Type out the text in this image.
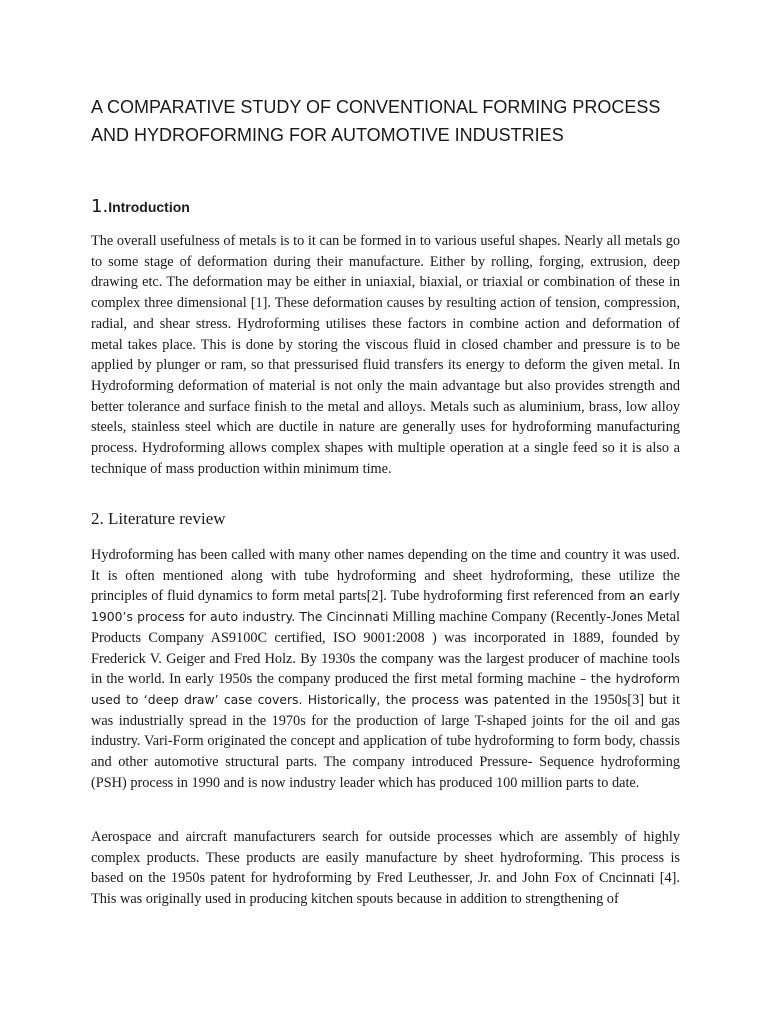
A COMPARATIVE STUDY OF CONVENTIONAL FORMING PROCESS AND HYDROFORMING FOR AUTOMOTIVE INDUSTRIES
1.Introduction

The overall usefulness of metals is to it can be formed in to various useful shapes. Nearly all metals go to some stage of deformation during their manufacture. Either by rolling, forging, extrusion, deep drawing etc. The deformation may be either in uniaxial, biaxial, or triaxial or combination of these in complex three dimensional [1]. These deformation causes by resulting action of tension, compression, radial, and shear stress. Hydroforming utilises these factors in combine action and deformation of metal takes place. This is done by storing the viscous fluid in closed chamber and pressure is to be applied by plunger or ram, so that pressurised fluid transfers its energy to deform the given metal. In Hydroforming deformation of material is not only the main advantage but also provides strength and better tolerance and surface finish to the metal and alloys. Metals such as aluminium, brass, low alloy steels, stainless steel which are ductile in nature are generally uses for hydroforming manufacturing process. Hydroforming allows complex shapes with multiple operation at a single feed so it is also a technique of mass production within minimum time.

2. Literature review

Hydroforming has been called with many other names depending on the time and country it was used. It is often mentioned along with tube hydroforming and sheet hydroforming, these utilize the principles of fluid dynamics to form metal parts[2]. Tube hydroforming first referenced from an early 1900’s process for auto industry. The Cincinnati Milling machine Company (Recently-Jones Metal Products Company AS9100C certified, ISO 9001:2008 ) was incorporated in 1889, founded by Frederick V. Geiger and Fred Holz. By 1930s the company was the largest producer of machine tools in the world. In early 1950s the company produced the first metal forming machine – the hydroform used to ‘deep draw’ case covers. Historically, the process was patented in the 1950s[3] but it was industrially spread in the 1970s for the production of large T-shaped joints for the oil and gas industry. Vari-Form originated the concept and application of tube hydroforming to form body, chassis and other automotive structural parts. The company introduced Pressure- Sequence hydroforming (PSH) process in 1990 and is now industry leader which has produced 100 million parts to date.

Aerospace and aircraft manufacturers search for outside processes which are assembly of highly complex products. These products are easily manufacture by sheet hydroforming. This process is based on the 1950s patent for hydroforming by Fred Leuthesser, Jr. and John Fox of Cncinnati [4]. This was originally used in producing kitchen spouts because in addition to strengthening of
